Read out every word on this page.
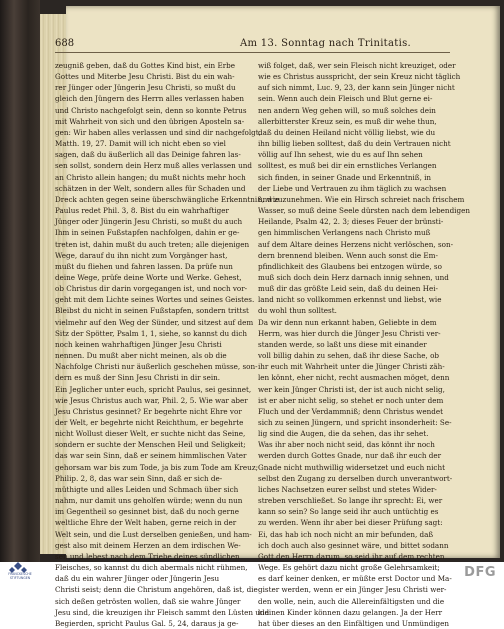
688	Am 13. Sonntag nach Trinitatis.
zeugniß geben, daß du Gottes Kind bist, ein Erbe
Gottes und Miterbe Jesu Christi. Bist du ein wah-
rer Jünger oder Jüngerin Jesu Christi, so mußt du
gleich den Jüngern des Herrn alles verlassen haben
und Christo nachgefolgt sein, denn so konnte Petrus
mit Wahrheit von sich und den übrigen Aposteln sa-
gen: Wir haben alles verlassen und sind dir nachgefolgt,
Matth. 19, 27. Damit will ich nicht eben so viel
sagen, daß du äußerlich all das Deinige fahren las-
sen sollst, sondern dein Herz muß alles verlassen und
an Christo allein hangen; du mußt nichts mehr hoch
schätzen in der Welt, sondern alles für Schaden und
Dreck achten gegen seine überschwängliche Erkenntniß, wie
Paulus redet Phil. 3, 8. Bist du ein wahrhaftiger
Jünger oder Jüngerin Jesu Christi, so mußt du auch
Ihm in seinen Fußstapfen nachfolgen, dahin er ge-
treten ist, dahin mußt du auch treten; alle diejenigen
Wege, darauf du ihn nicht zum Vorgänger hast,
mußt du fliehen und fahren lassen. Da prüfe nun
deine Wege, prüfe deine Worte und Werke. Gehest,
ob Christus dir darin vorgegangen ist, und noch vor-
geht mit dem Lichte seines Wortes und seines Geistes.
Bleibst du nicht in seinen Fußstapfen, sondern trittst
vielmehr auf den Weg der Sünder, und sitzest auf dem
Sitz der Spötter, Psalm 1, 1, siehe, so kannst du dich
noch keinen wahrhaftigen Jünger Jesu Christi
nennen. Du mußt aber nicht meinen, als ob die
Nachfolge Christi nur äußerlich geschehen müsse, son-
dern es muß der Sinn Jesu Christi in dir sein.
Ein Jeglicher unter euch, spricht Paulus, sei gesinnet,
wie Jesus Christus auch war, Phil. 2, 5. Wie war aber
Jesu Christus gesinnet? Er begehrte nicht Ehre vor
der Welt, er begehrte nicht Reichthum, er begehrte
nicht Wollust dieser Welt, er suchte nicht das Seine,
sondern er suchte der Menschen Heil und Seligkeit;
das war sein Sinn, daß er seinem himmlischen Vater
gehorsam war bis zum Tode, ja bis zum Tode am Kreuz;
Philip. 2, 8, das war sein Sinn, daß er sich de-
müthigte und alles Leiden und Schmach über sich
nahm, nur damit uns geholfen würde; wenn du nun
im Gegentheil so gesinnet bist, daß du noch gerne
weltliche Ehre der Welt haben, gerne reich in der
Welt sein, und die Lust derselben genießen, und ham-
gest also mit deinem Herzen an dem irdischen We-
sen und lebest nach dem Triebe deines sündlichen
Fleisches, so kannst du dich abermals nicht rühmen,
daß du ein wahrer Jünger oder Jüngerin Jesu
Christi seist; denn die Christum angehören, daß ist, die
sich deßen getrösten wollen, daß sie wahre Jünger
Jesu sind, die kreuzigen ihr Fleisch sammt den Lüsten und
Begierden, spricht Paulus Gal. 5, 24, daraus ja ge-
wiß folget, daß, wer sein Fleisch nicht kreuziget, oder
wie es Christus ausspricht, der sein Kreuz nicht täglich
auf sich nimmt, Luc. 9, 23, der kann sein Jünger nicht
sein. Wenn auch dein Fleisch und Blut gerne ei-
nen andern Weg gehen will, so muß solches dein
allerbitterster Kreuz sein, es muß dir wehe thun,
daß du deinen Heiland nicht völlig liebst, wie du
ihn billig lieben solltest, daß du dein Vertrauen nicht
völlig auf Ihn sehest, wie du es auf Ihn sehen
solltest, es muß bei dir ein ernstliches Verlangen
sich finden, in seiner Gnade und Erkenntniß, in
der Liebe und Vertrauen zu ihm täglich zu wachsen
und zuzunehmen. Wie ein Hirsch schreiet nach frischem
Wasser, so muß deine Seele dürsten nach dem lebendigen
Heilande, Psalm 42, 2. 3; dieses Feuer der brünsti-
gen himmlischen Verlangens nach Christo muß
auf dem Altare deines Herzens nicht verlöschen, son-
dern brennend bleiben. Wenn auch sonst die Em-
pfindlichkeit des Glaubens bei entzogen würde, so
muß sich doch dein Herz darnach innig sehnen, und
muß dir das größte Leid sein, daß du deinen Hei-
land nicht so vollkommen erkennst und liebst, wie
du wohl thun solltest.
Da wir denn nun erkannt haben, Geliebte in dem
Herrn, was hier durch die Jünger Jesu Christi ver-
standen werde, so laßt uns diese mit einander
voll billig dahin zu sehen, daß ihr diese Sache, ob
ihr euch mit Wahrheit unter die Jünger Christi zäh-
len könnt, eher nicht, recht ausmachen möget, denn
wer kein Jünger Christi ist, der ist auch nicht selig,
ist er aber nicht selig, so stehet er noch unter dem
Fluch und der Verdammniß; denn Christus wendet
sich zu seinen Jüngern, und spricht insonderheit: Se-
lig sind die Augen, die da sehen, das ihr sehet.
Was ihr aber noch nicht seid, das könnt ihr noch
werden durch Gottes Gnade, nur daß ihr euch der
Gnade nicht muthwillig widersetzet und euch nicht
selbst den Zugang zu derselben durch unverantwort-
liches Nachsetzen eurer selbst und stetes Wider-
streben verschließet. So lange ihr sprecht: Ei, wer
kann so sein? So lange seid ihr auch untüchtig es
zu werden. Wenn ihr aber bei dieser Prüfung sagt:
Ei, das hab ich noch nicht an mir befunden, daß
ich doch auch also gesinnet wäre, und bittet sodann
Gott den Herrn darum, so seid ihr auf dem rechten
Wege. Es gehört dazu nicht große Gelehrsamkeit;
es darf keiner denken, er müßte erst Doctor und Ma-
gister werden, wenn er ein Jünger Jesu Christi wer-
den wolle, nein, auch die Allereinfältigsten und die
kleinen Kinder können dazu gelangen. Ja der Herr
hat über dieses an den Einfältigen und Unmündigen
FRANCKESCHE STIFTUNGEN	DFG
